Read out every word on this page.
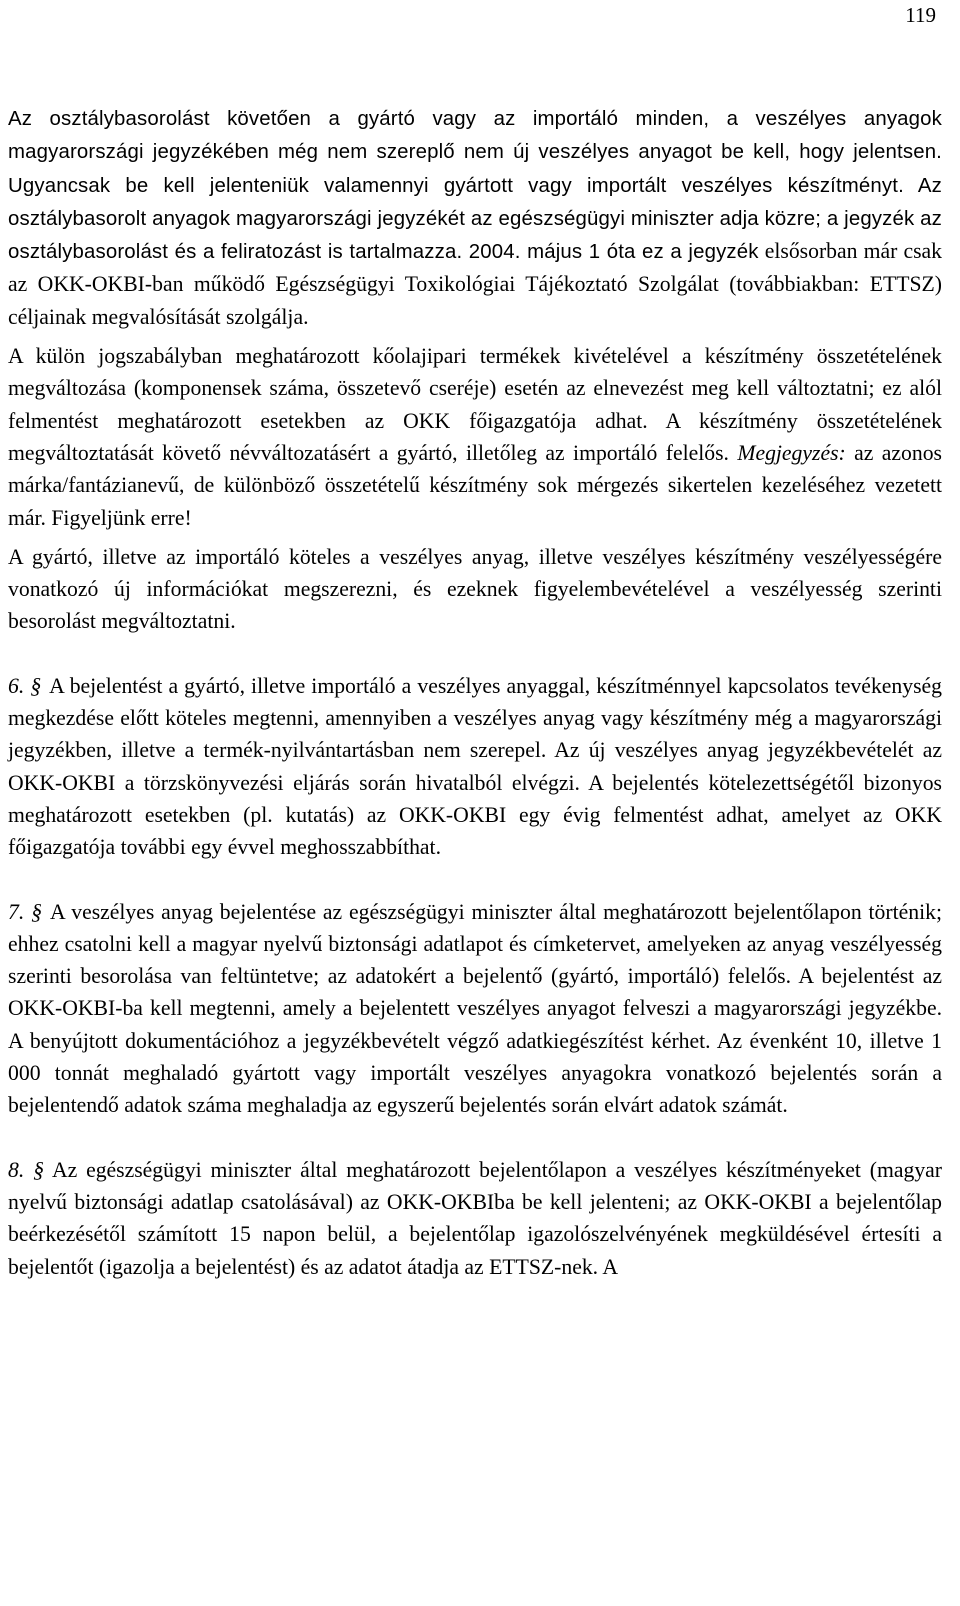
119

Az osztálybasorolást követően a gyártó vagy az importáló minden, a veszélyes anyagok magyarországi jegyzékében még nem szereplő nem új veszélyes anyagot be kell, hogy jelentsen. Ugyancsak be kell jelenteniük valamennyi gyártott vagy importált veszélyes készítményt. Az osztálybasorolt anyagok magyarországi jegyzékét az egészségügyi miniszter adja közre; a jegyzék az osztálybasorolást és a feliratozást is tartalmazza. 2004. május 1 óta ez a jegyzék elsősorban már csak az OKK-OKBI-ban működő Egészségügyi Toxikológiai Tájékoztató Szolgálat (továbbiakban: ETTSZ) céljainak megvalósítását szolgálja.

A külön jogszabályban meghatározott kőolajipari termékek kivételével a készítmény összetételének megváltozása (komponensek száma, összetevő cseréje) esetén az elnevezést meg kell változtatni; ez alól felmentést meghatározott esetekben az OKK főigazgatója adhat. A készítmény összetételének megváltoztatását követő névváltozatásért a gyártó, illetőleg az importáló felelős. Megjegyzés: az azonos márka/fantázianevű, de különböző összetételű készítmény sok mérgezés sikertelen kezeléséhez vezetett már. Figyeljünk erre!

A gyártó, illetve az importáló köteles a veszélyes anyag, illetve veszélyes készítmény veszélyességére vonatkozó új információkat megszerezni, és ezeknek figyelembevételével a veszélyesség szerinti besorolást megváltoztatni.

6. § A bejelentést a gyártó, illetve importáló a veszélyes anyaggal, készítménnyel kapcsolatos tevékenység megkezdése előtt köteles megtenni, amennyiben a veszélyes anyag vagy készítmény még a magyarországi jegyzékben, illetve a termék-nyilvántartásban nem szerepel. Az új veszélyes anyag jegyzékbevételét az OKK-OKBI a törzskönyvezési eljárás során hivatalból elvégzi. A bejelentés kötelezettségétől bizonyos meghatározott esetekben (pl. kutatás) az OKK-OKBI egy évig felmentést adhat, amelyet az OKK főigazgatója további egy évvel meghosszabbíthat.

7. § A veszélyes anyag bejelentése az egészségügyi miniszter által meghatározott bejelentőlapon történik; ehhez csatolni kell a magyar nyelvű biztonsági adatlapot és címketervet, amelyeken az anyag veszélyesség szerinti besorolása van feltüntetve; az adatokért a bejelentő (gyártó, importáló) felelős. A bejelentést az OKK-OKBI-ba kell megtenni, amely a bejelentett veszélyes anyagot felveszi a magyarországi jegyzékbe. A benyújtott dokumentációhoz a jegyzékbevételt végző adatkiegészítést kérhet. Az évenként 10, illetve 1 000 tonnát meghaladó gyártott vagy importált veszélyes anyagokra vonatkozó bejelentés során a bejelentendő adatok száma meghaladja az egyszerű bejelentés során elvárt adatok számát.

8. § Az egészségügyi miniszter által meghatározott bejelentőlapon a veszélyes készítményeket (magyar nyelvű biztonsági adatlap csatolásával) az OKK-OKBIba be kell jelenteni; az OKK-OKBI a bejelentőlap beérkezésétől számított 15 napon belül, a bejelentőlap igazolószelvényének megküldésével értesíti a bejelentőt (igazolja a bejelentést) és az adatot átadja az ETTSZ-nek. A
